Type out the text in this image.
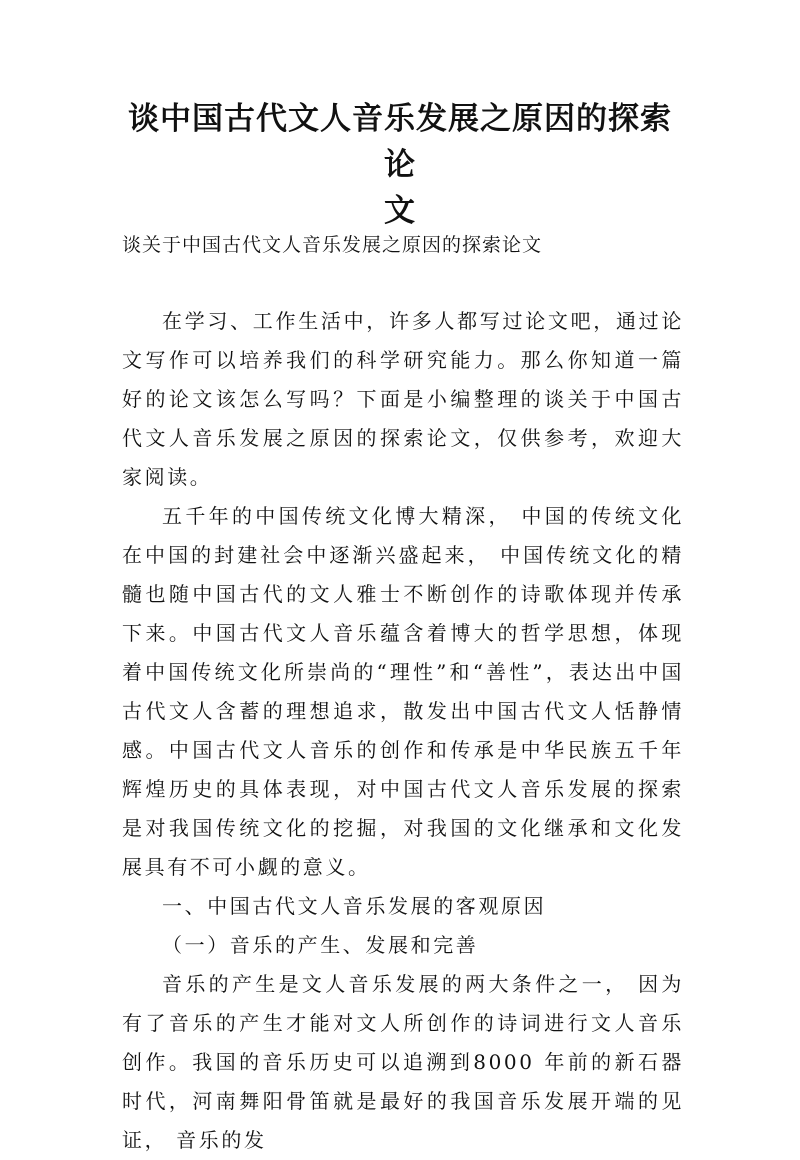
谈中国古代文人音乐发展之原因的探索论
文

谈关于中国古代文人音乐发展之原因的探索论文

在学习、工作生活中，许多人都写过论文吧，通过论文写作可以培养我们的科学研究能力。那么你知道一篇好的论文该怎么写吗？下面是小编整理的谈关于中国古代文人音乐发展之原因的探索论文，仅供参考，欢迎大家阅读。

五千年的中国传统文化博大精深， 中国的传统文化在中国的封建社会中逐渐兴盛起来， 中国传统文化的精髓也随中国古代的文人雅士不断创作的诗歌体现并传承下来。中国古代文人音乐蕴含着博大的哲学思想，体现着中国传统文化所崇尚的“理性”和“善性”，表达出中国古代文人含蓄的理想追求，散发出中国古代文人恬静情感。中国古代文人音乐的创作和传承是中华民族五千年辉煌历史的具体表现，对中国古代文人音乐发展的探索是对我国传统文化的挖掘，对我国的文化继承和文化发展具有不可小觑的意义。

一、中国古代文人音乐发展的客观原因

（一）音乐的产生、发展和完善

音乐的产生是文人音乐发展的两大条件之一， 因为有了音乐的产生才能对文人所创作的诗词进行文人音乐创作。我国的音乐历史可以追溯到8000 年前的新石器时代，河南舞阳骨笛就是最好的我国音乐发展开端的见证， 音乐的发
